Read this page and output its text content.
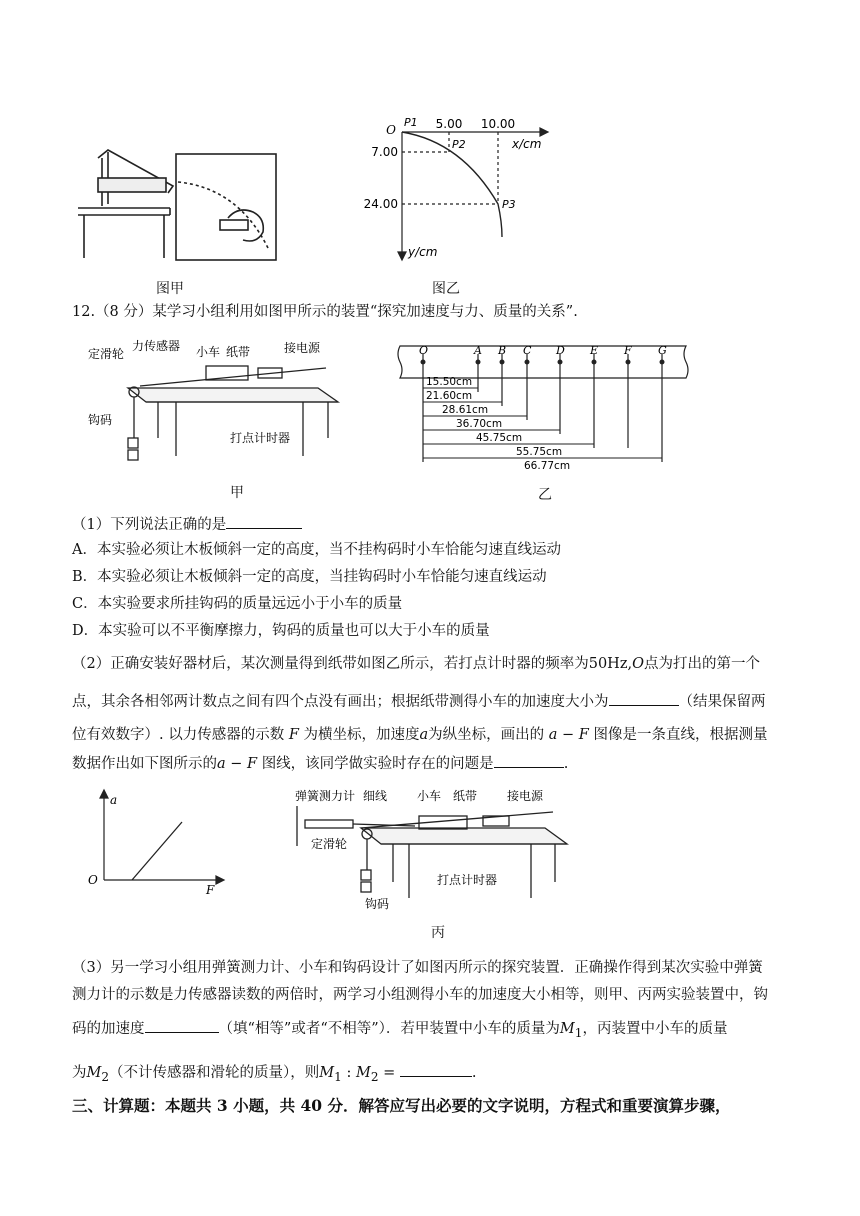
图甲
O	5.00 10.00
7.00
24.00
x/cm
y/cm
P1
P2
P3
图乙
12.（8 分）某学习小组利用如图甲所示的装置“探究加速度与力、质量的关系”.
定滑轮
力传感器 小车 纸带	接电源
钩码
打点计时器
甲
O	A B C D E F G
15.50cm
21.60cm
28.61cm
36.70cm
45.75cm
55.75cm
66.77cm
乙
（1）下列说法正确的是
A．本实验必须让木板倾斜一定的高度，当不挂构码时小车恰能匀速直线运动
B．本实验必须让木板倾斜一定的高度，当挂钩码时小车恰能匀速直线运动
C．本实验要求所挂钩码的质量远远小于小车的质量
D．本实验可以不平衡摩擦力，钩码的质量也可以大于小车的质量
（2）正确安装好器材后，某次测量得到纸带如图乙所示，若打点计时器的频率为50Hz,O点为打出的第一个
点，其余各相邻两计数点之间有四个点没有画出；根据纸带测得小车的加速度大小为	（结果保留两
位有效数字）. 以力传感器的示数 F 为横坐标，加速度a为纵坐标，画出的 a − F 图像是一条直线，根据测量
数据作出如下图所示的a − F 图线，该同学做实验时存在的问题是	.
a
F
O
弹簧测力计 细线 小车 纸带 接电源
定滑轮
打点计时器
钩码
丙
（3）另一学习小组用弹簧测力计、小车和钩码设计了如图丙所示的探究装置．正确操作得到某次实验中弹簧
测力计的示数是力传感器读数的两倍时，两学习小组测得小车的加速度大小相等，则甲、丙两实验装置中，钩
码的加速度	（填“相等”或者“不相等”）．若甲装置中小车的质量为$M_1$，丙装置中小车的质量
为$M_2$（不计传感器和滑轮的质量），则$M_1$ : $M_2$ =	.
三、计算题：本题共 3 小题，共 40 分．解答应写出必要的文字说明，方程式和重要演算步骤，
